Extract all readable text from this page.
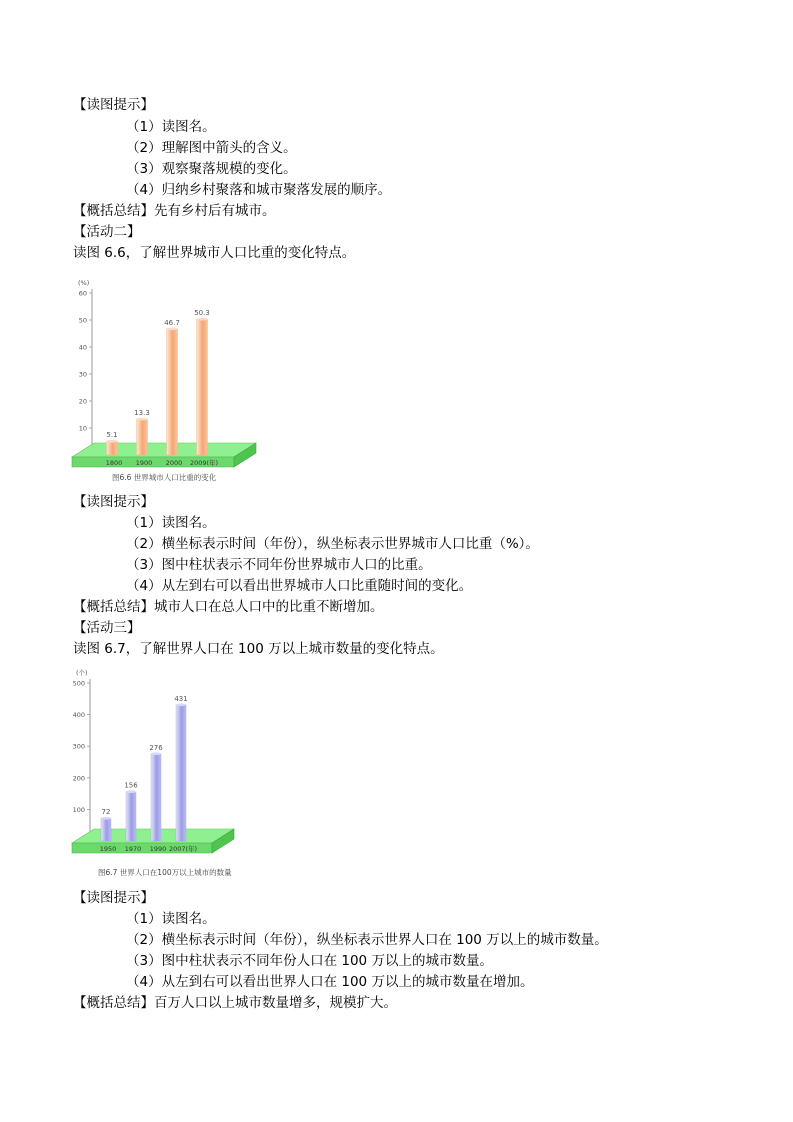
【读图提示】
（1）读图名。
（2）理解图中箭头的含义。
（3）观察聚落规模的变化。
（4）归纳乡村聚落和城市聚落发展的顺序。
【概括总结】先有乡村后有城市。
【活动二】
读图 6.6，了解世界城市人口比重的变化特点。
(%)
10
20
30
40
50
60
5.1
1800
13.3
1900
46.7
2000
50.3
2009(年)
图6.6 世界城市人口比重的变化
【读图提示】
（1）读图名。
（2）横坐标表示时间（年份），纵坐标表示世界城市人口比重（%）。
（3）图中柱状表示不同年份世界城市人口的比重。
（4）从左到右可以看出世界城市人口比重随时间的变化。
【概括总结】城市人口在总人口中的比重不断增加。
【活动三】
读图 6.7，了解世界人口在 100 万以上城市数量的变化特点。
(个)
100
200
300
400
500
72
1950
156
1970
276
1990
431
2007(年)
图6.7 世界人口在100万以上城市的数量
【读图提示】
（1）读图名。
（2）横坐标表示时间（年份），纵坐标表示世界人口在 100 万以上的城市数量。
（3）图中柱状表示不同年份人口在 100 万以上的城市数量。
（4）从左到右可以看出世界人口在 100 万以上的城市数量在增加。
【概括总结】百万人口以上城市数量增多，规模扩大。
